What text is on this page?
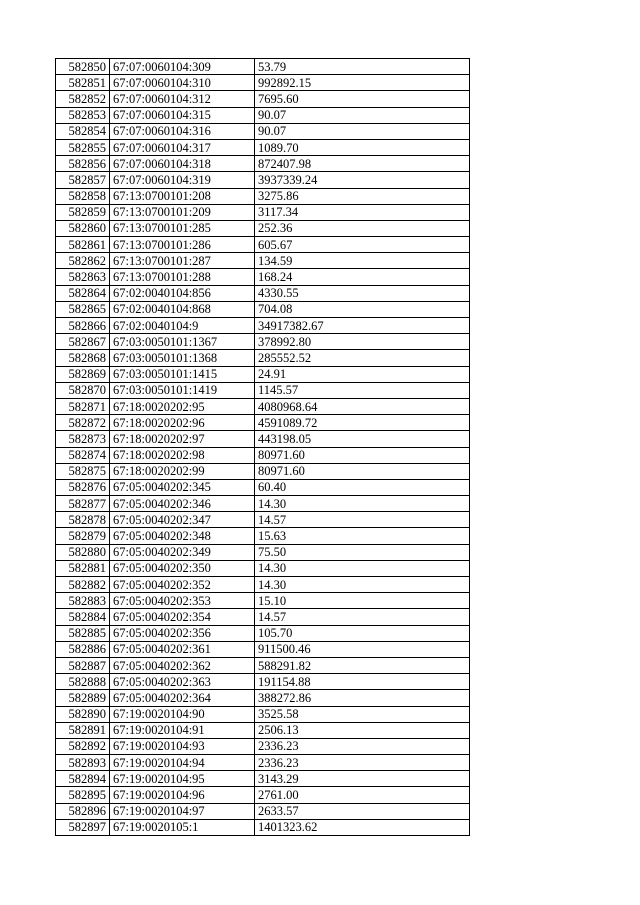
582850	67:07:0060104:309	53.79
582851	67:07:0060104:310	992892.15
582852	67:07:0060104:312	7695.60
582853	67:07:0060104:315	90.07
582854	67:07:0060104:316	90.07
582855	67:07:0060104:317	1089.70
582856	67:07:0060104:318	872407.98
582857	67:07:0060104:319	3937339.24
582858	67:13:0700101:208	3275.86
582859	67:13:0700101:209	3117.34
582860	67:13:0700101:285	252.36
582861	67:13:0700101:286	605.67
582862	67:13:0700101:287	134.59
582863	67:13:0700101:288	168.24
582864	67:02:0040104:856	4330.55
582865	67:02:0040104:868	704.08
582866	67:02:0040104:9	34917382.67
582867	67:03:0050101:1367	378992.80
582868	67:03:0050101:1368	285552.52
582869	67:03:0050101:1415	24.91
582870	67:03:0050101:1419	1145.57
582871	67:18:0020202:95	4080968.64
582872	67:18:0020202:96	4591089.72
582873	67:18:0020202:97	443198.05
582874	67:18:0020202:98	80971.60
582875	67:18:0020202:99	80971.60
582876	67:05:0040202:345	60.40
582877	67:05:0040202:346	14.30
582878	67:05:0040202:347	14.57
582879	67:05:0040202:348	15.63
582880	67:05:0040202:349	75.50
582881	67:05:0040202:350	14.30
582882	67:05:0040202:352	14.30
582883	67:05:0040202:353	15.10
582884	67:05:0040202:354	14.57
582885	67:05:0040202:356	105.70
582886	67:05:0040202:361	911500.46
582887	67:05:0040202:362	588291.82
582888	67:05:0040202:363	191154.88
582889	67:05:0040202:364	388272.86
582890	67:19:0020104:90	3525.58
582891	67:19:0020104:91	2506.13
582892	67:19:0020104:93	2336.23
582893	67:19:0020104:94	2336.23
582894	67:19:0020104:95	3143.29
582895	67:19:0020104:96	2761.00
582896	67:19:0020104:97	2633.57
582897	67:19:0020105:1	1401323.62
